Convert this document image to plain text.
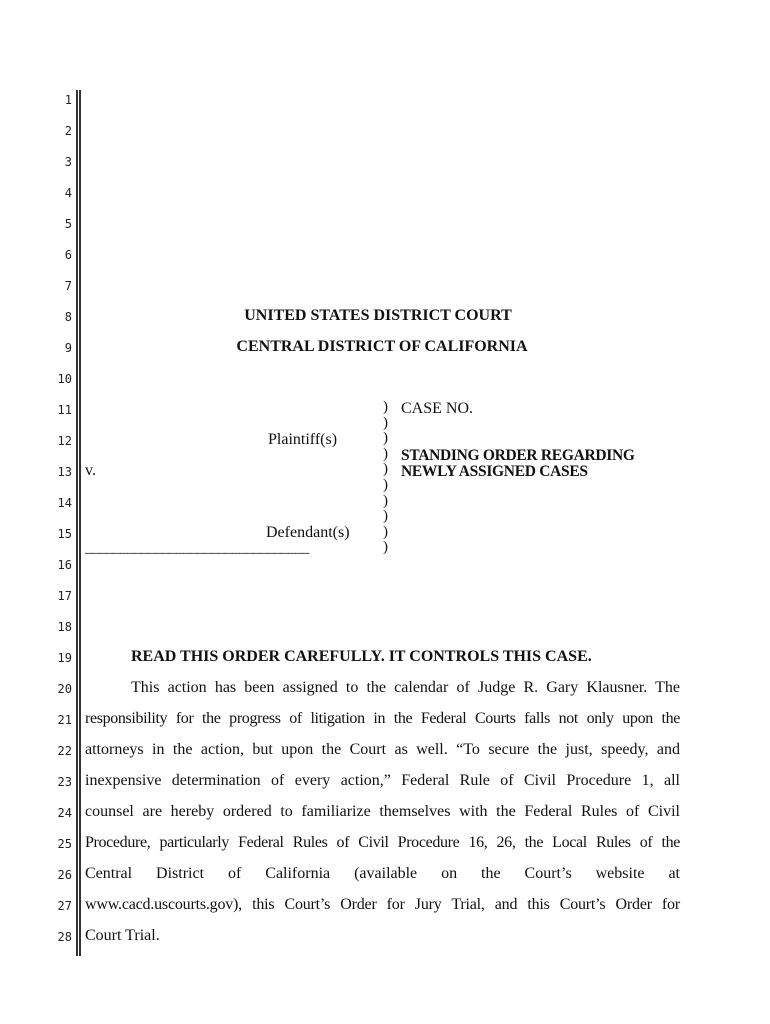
1
2
3
4
5
6
7
8
9
10
11
12
13
14
15
16
17
18
19
20
21
22
23
24
25
26
27
28
UNITED STATES DISTRICT COURT
CENTRAL DISTRICT OF CALIFORNIA
Plaintiff(s)
v.
Defendant(s)
________________________________
)
)
)
)
)
)
)
)
)
)
CASE NO.
STANDING ORDER REGARDING
NEWLY ASSIGNED CASES
READ THIS ORDER CAREFULLY. IT CONTROLS THIS CASE.
This action has been assigned to the calendar of Judge R. Gary Klausner. The
responsibility for the progress of litigation in the Federal Courts falls not only upon the
attorneys in the action, but upon the Court as well. “To secure the just, speedy, and
inexpensive determination of every action,” Federal Rule of Civil Procedure 1, all
counsel are hereby ordered to familiarize themselves with the Federal Rules of Civil
Procedure, particularly Federal Rules of Civil Procedure 16, 26, the Local Rules of the
Central District of California (available on the Court’s website at
www.cacd.uscourts.gov), this Court’s Order for Jury Trial, and this Court’s Order for
Court Trial.
